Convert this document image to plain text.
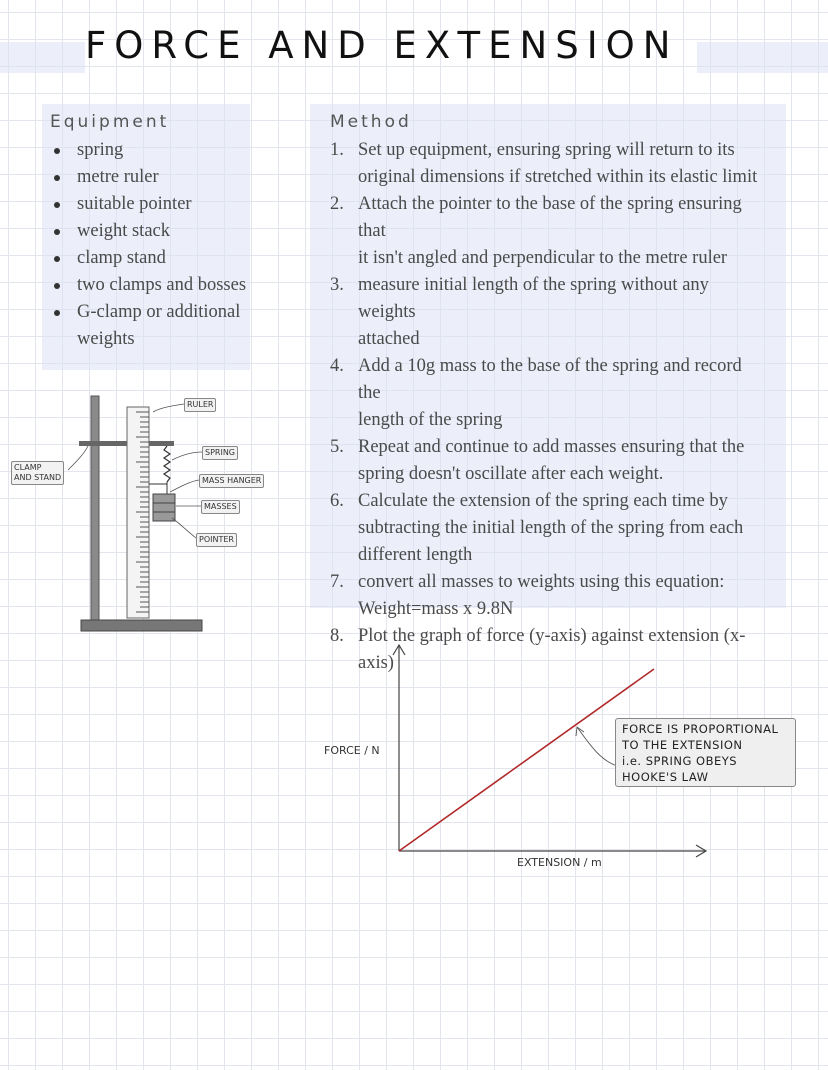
FORCE AND EXTENSION
Equipment
spring
metre ruler
suitable pointer
weight stack
clamp stand
two clamps and bosses
G-clamp or additional
weights
Method
1. Set up equipment, ensuring spring will return to its
original dimensions if stretched within its elastic limit
2. Attach the pointer to the base of the spring ensuring that
it isn't angled and perpendicular to the metre ruler
3. measure initial length of the spring without any weights
attached
4. Add a 10g mass to the base of the spring and record the
length of the spring
5. Repeat and continue to add masses ensuring that the
spring doesn't oscillate after each weight.
6. Calculate the extension of the spring each time by
subtracting the initial length of the spring from each
different length
7. convert all masses to weights using this equation:
Weight=mass x 9.8N
8. Plot the graph of force (y-axis) against extension (x-axis)
RULER
SPRING
CLAMP
AND STAND	MASS HANGER
MASSES
POINTER
FORCE / N
EXTENSION / m
FORCE IS PROPORTIONAL
TO THE EXTENSION
i.e. SPRING OBEYS
HOOKE'S LAW
